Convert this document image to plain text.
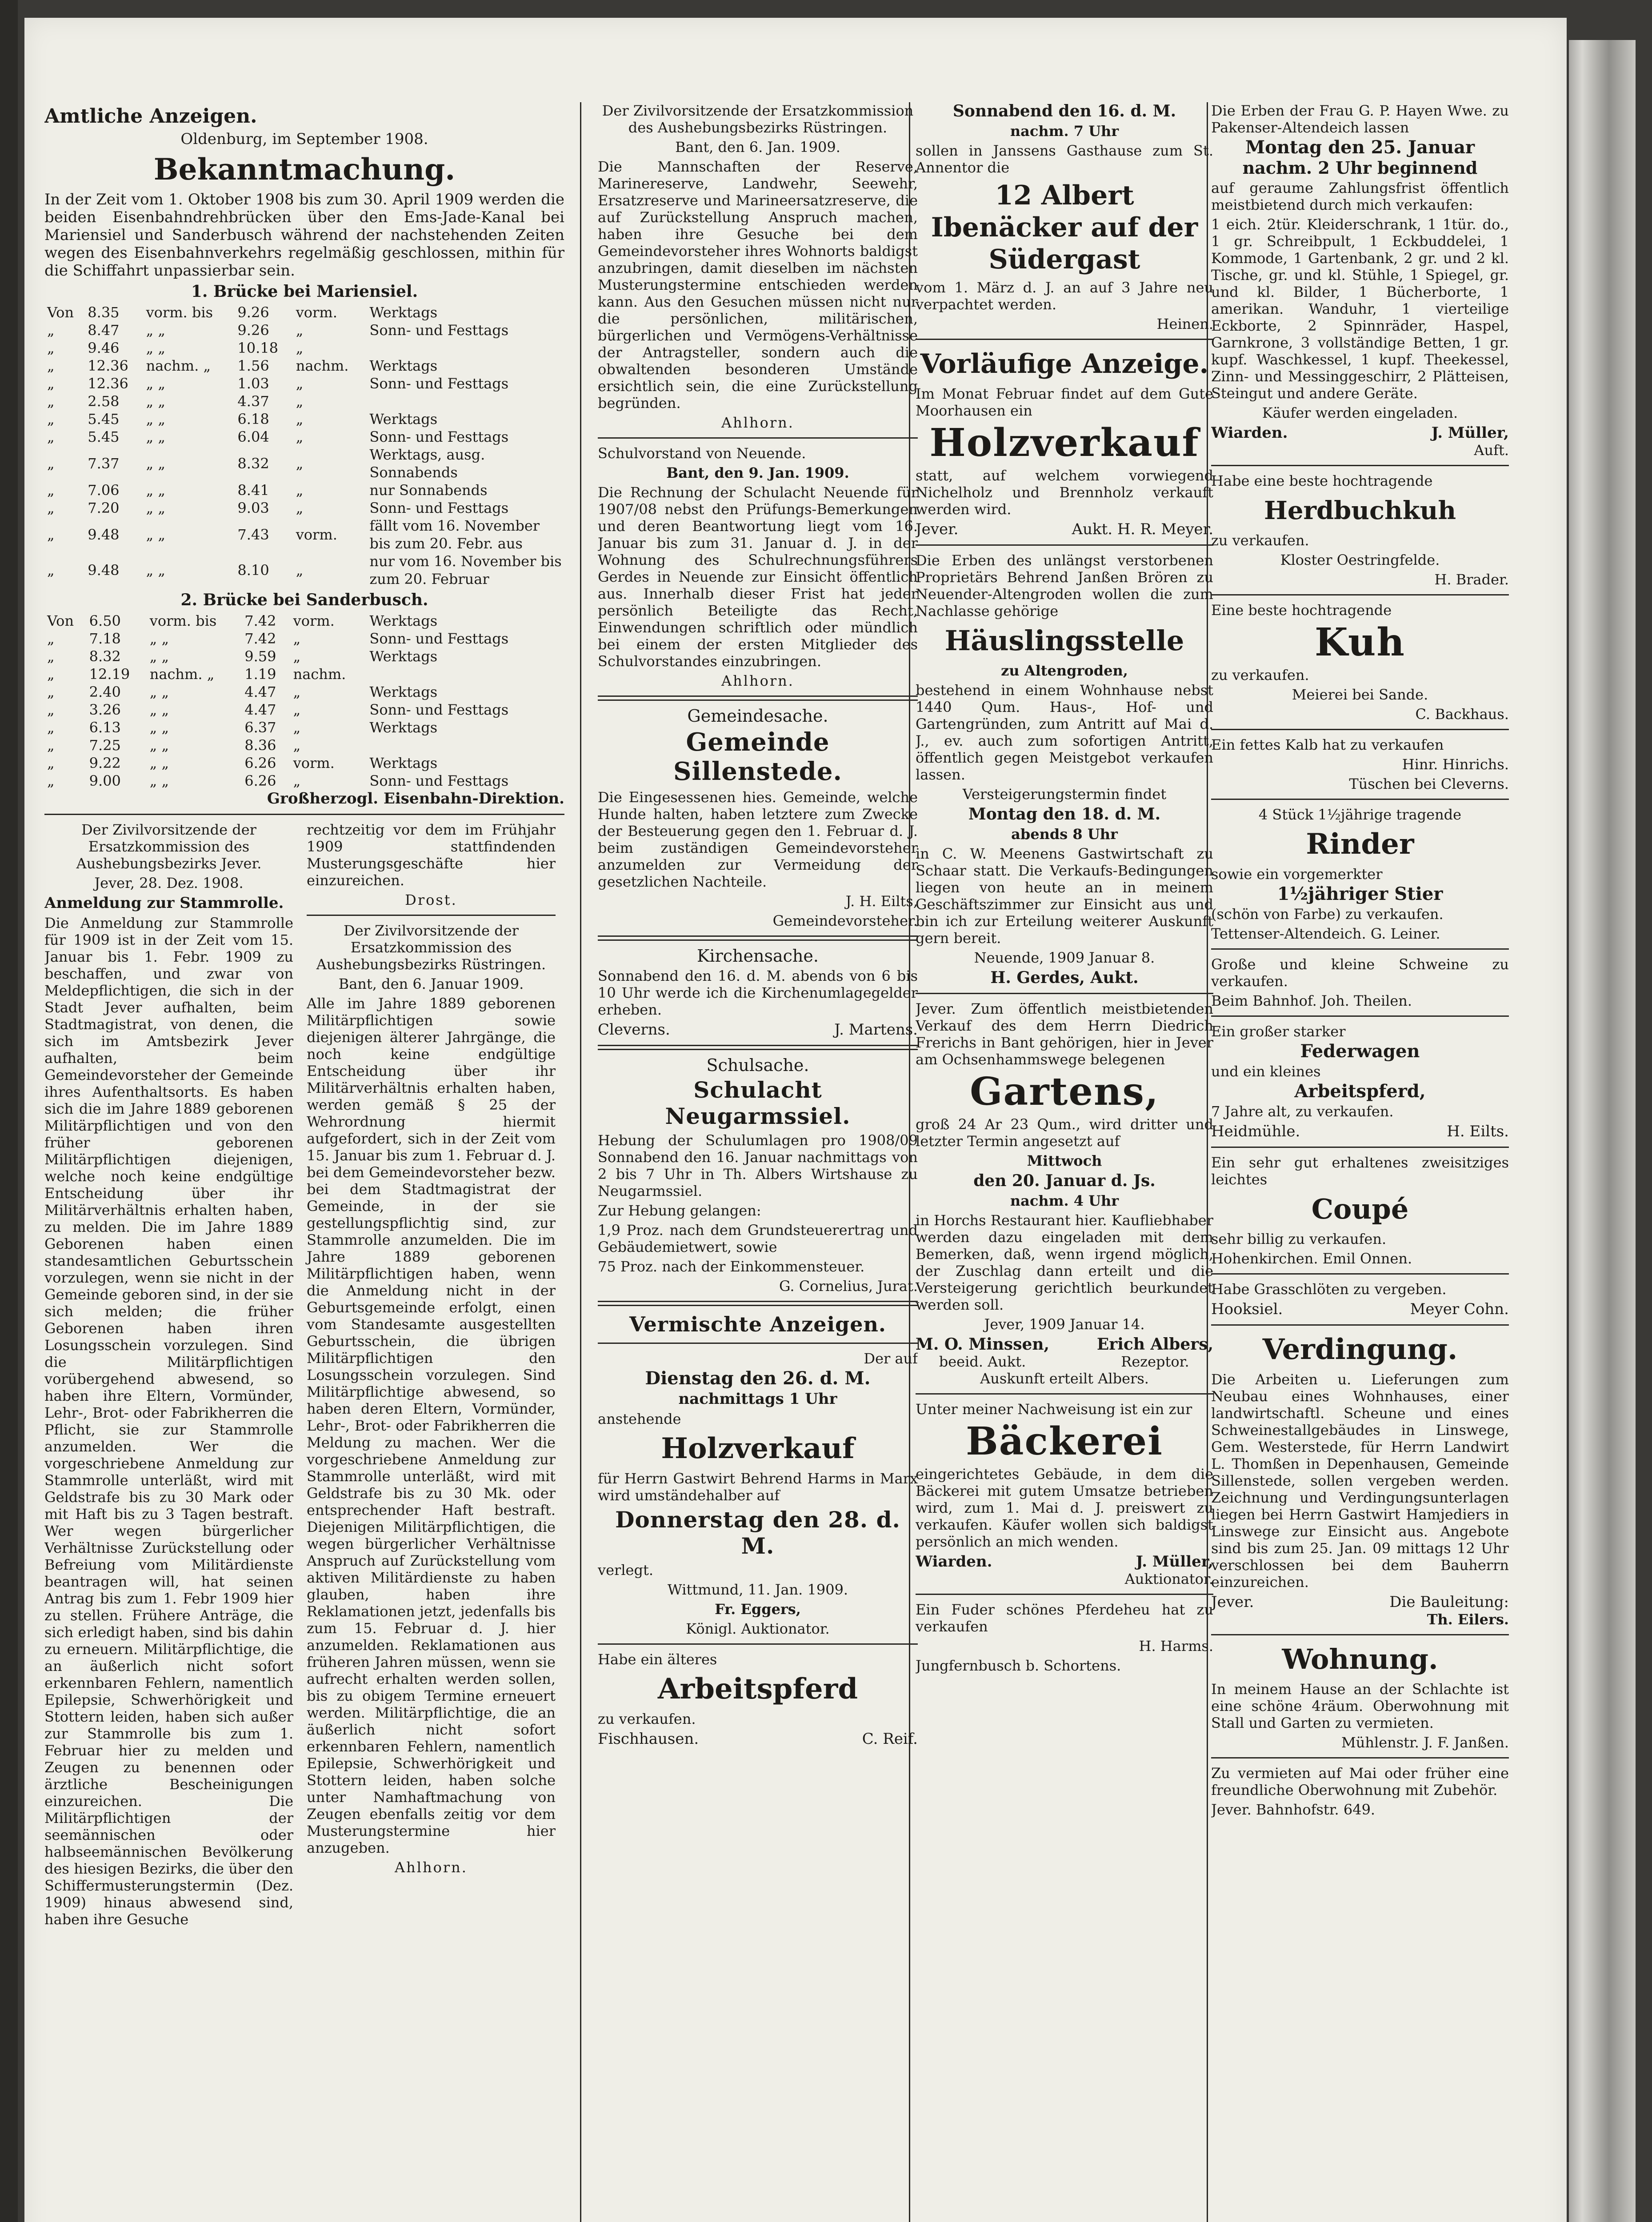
Amtliche Anzeigen.

Oldenburg, im September 1908.

Bekanntmachung.

In der Zeit vom 1. Oktober 1908 bis zum 30. April 1909 werden die beiden Eisenbahndrehbrücken über den Ems-Jade-Kanal bei Mariensiel und Sanderbusch während der nachstehenden Zeiten wegen des Eisenbahnverkehrs regelmäßig geschlossen, mithin für die Schiffahrt unpassierbar sein.

1. Brücke bei Mariensiel.
Von	8.35	vorm. bis	9.26	vorm.	Werktags
„	8.47	„ „	9.26	„	Sonn- und Festtags
„	9.46	„ „	10.18	„	
„	12.36	nachm. „	1.56	nachm.	Werktags
„	12.36	„ „	1.03	„	Sonn- und Festtags
„	2.58	„ „	4.37	„	
„	5.45	„ „	6.18	„	Werktags
„	5.45	„ „	6.04	„	Sonn- und Festtags
„	7.37	„ „	8.32	„	Werktags, ausg. Sonnabends
„	7.06	„ „	8.41	„	nur Sonnabends
„	7.20	„ „	9.03	„	Sonn- und Festtags
„	9.48	„ „	7.43	vorm.	fällt vom 16. November bis zum 20. Febr. aus
„	9.48	„ „	8.10	„	nur vom 16. November bis zum 20. Februar
2. Brücke bei Sanderbusch.
Von	6.50	vorm. bis	7.42	vorm.	Werktags
„	7.18	„ „	7.42	„	Sonn- und Festtags
„	8.32	„ „	9.59	„	Werktags
„	12.19	nachm. „	1.19	nachm.	
„	2.40	„ „	4.47	„	Werktags
„	3.26	„ „	4.47	„	Sonn- und Festtags
„	6.13	„ „	6.37	„	Werktags
„	7.25	„ „	8.36	„	
„	9.22	„ „	6.26	vorm.	Werktags
„	9.00	„ „	6.26	„	Sonn- und Festtags

Großherzogl. Eisenbahn-Direktion.

Der Zivilvorsitzende der Ersatzkommission des Aushebungsbezirks Jever.

Jever, 28. Dez. 1908.

Anmeldung zur Stammrolle.

Die Anmeldung zur Stammrolle für 1909 ist in der Zeit vom 15. Januar bis 1. Febr. 1909 zu beschaffen, und zwar von Meldepflichtigen, die sich in der Stadt Jever aufhalten, beim Stadtmagistrat, von denen, die sich im Amtsbezirk Jever aufhalten, beim Gemeindevorsteher der Gemeinde ihres Aufenthaltsorts. Es haben sich die im Jahre 1889 geborenen Militärpflichtigen und von den früher geborenen Militärpflichtigen diejenigen, welche noch keine endgültige Entscheidung über ihr Militärverhältnis erhalten haben, zu melden. Die im Jahre 1889 Geborenen haben einen standesamtlichen Geburtsschein vorzulegen, wenn sie nicht in der Gemeinde geboren sind, in der sie sich melden; die früher Geborenen haben ihren Losungsschein vorzulegen. Sind die Militärpflichtigen vorübergehend abwesend, so haben ihre Eltern, Vormünder, Lehr-, Brot- oder Fabrikherren die Pflicht, sie zur Stammrolle anzumelden. Wer die vorgeschriebene Anmeldung zur Stammrolle unterläßt, wird mit Geldstrafe bis zu 30 Mark oder mit Haft bis zu 3 Tagen bestraft. Wer wegen bürgerlicher Verhältnisse Zurückstellung oder Befreiung vom Militärdienste beantragen will, hat seinen Antrag bis zum 1. Febr 1909 hier zu stellen. Frühere Anträge, die sich erledigt haben, sind bis dahin zu erneuern. Militärpflichtige, die an äußerlich nicht sofort erkennbaren Fehlern, namentlich Epilepsie, Schwerhörigkeit und Stottern leiden, haben sich außer zur Stammrolle bis zum 1. Februar hier zu melden und Zeugen zu benennen oder ärztliche Bescheinigungen einzureichen. Die Militärpflichtigen der seemännischen oder halbseemännischen Bevölkerung des hiesigen Bezirks, die über den Schiffermusterungstermin (Dez. 1909) hinaus abwesend sind, haben ihre Gesuche

rechtzeitig vor dem im Frühjahr 1909 stattfindenden Musterungsgeschäfte hier einzureichen.

Drost.

Der Zivilvorsitzende der Ersatzkommission des Aushebungsbezirks Rüstringen.

Bant, den 6. Januar 1909.

Alle im Jahre 1889 geborenen Militärpflichtigen sowie diejenigen älterer Jahrgänge, die noch keine endgültige Entscheidung über ihr Militärverhältnis erhalten haben, werden gemäß § 25 der Wehrordnung hiermit aufgefordert, sich in der Zeit vom 15. Januar bis zum 1. Februar d. J. bei dem Gemeindevorsteher bezw. bei dem Stadtmagistrat der Gemeinde, in der sie gestellungspflichtig sind, zur Stammrolle anzumelden. Die im Jahre 1889 geborenen Militärpflichtigen haben, wenn die Anmeldung nicht in der Geburtsgemeinde erfolgt, einen vom Standesamte ausgestellten Geburtsschein, die übrigen Militärpflichtigen den Losungsschein vorzulegen. Sind Militärpflichtige abwesend, so haben deren Eltern, Vormünder, Lehr-, Brot- oder Fabrikherren die Meldung zu machen. Wer die vorgeschriebene Anmeldung zur Stammrolle unterläßt, wird mit Geldstrafe bis zu 30 Mk. oder entsprechender Haft bestraft. Diejenigen Militärpflichtigen, die wegen bürgerlicher Verhältnisse Anspruch auf Zurückstellung vom aktiven Militärdienste zu haben glauben, haben ihre Reklamationen jetzt, jedenfalls bis zum 15. Februar d. J. hier anzumelden. Reklamationen aus früheren Jahren müssen, wenn sie aufrecht erhalten werden sollen, bis zu obigem Termine erneuert werden. Militärpflichtige, die an äußerlich nicht sofort erkennbaren Fehlern, namentlich Epilepsie, Schwerhörigkeit und Stottern leiden, haben solche unter Namhaftmachung von Zeugen ebenfalls zeitig vor dem Musterungstermine hier anzugeben.

Ahlhorn.

Der Zivilvorsitzende der Ersatzkommission des Aushebungsbezirks Rüstringen.

Bant, den 6. Jan. 1909.

Die Mannschaften der Reserve, Marinereserve, Landwehr, Seewehr, Ersatzreserve und Marineersatzreserve, die auf Zurückstellung Anspruch machen, haben ihre Gesuche bei dem Gemeindevorsteher ihres Wohnorts baldigst anzubringen, damit dieselben im nächsten Musterungstermine entschieden werden kann. Aus den Gesuchen müssen nicht nur die persönlichen, militärischen, bürgerlichen und Vermögens-Verhältnisse der Antragsteller, sondern auch die obwaltenden besonderen Umstände ersichtlich sein, die eine Zurückstellung begründen.

Ahlhorn.

Schulvorstand von Neuende.

Bant, den 9. Jan. 1909.

Die Rechnung der Schulacht Neuende für 1907/08 nebst den Prüfungs-Bemerkungen und deren Beantwortung liegt vom 16. Januar bis zum 31. Januar d. J. in der Wohnung des Schulrechnungsführers Gerdes in Neuende zur Einsicht öffentlich aus. Innerhalb dieser Frist hat jeder persönlich Beteiligte das Recht, Einwendungen schriftlich oder mündlich bei einem der ersten Mitglieder des Schulvorstandes einzubringen.

Ahlhorn.

Gemeindesache.

Gemeinde Sillenstede.

Die Eingesessenen hies. Gemeinde, welche Hunde halten, haben letztere zum Zwecke der Besteuerung gegen den 1. Februar d. J. beim zuständigen Gemeindevorsteher anzumelden zur Vermeidung der gesetzlichen Nachteile.

J. H. Eilts,

Gemeindevorsteher.

Kirchensache.

Sonnabend den 16. d. M. abends von 6 bis 10 Uhr werde ich die Kirchenumlagegelder erheben.

Cleverns.	J. Martens.

Schulsache.

Schulacht Neugarmssiel.

Hebung der Schulumlagen pro 1908/09 Sonnabend den 16. Januar nachmittags von 2 bis 7 Uhr in Th. Albers Wirtshause zu Neugarmssiel.

Zur Hebung gelangen:

1,9 Proz. nach dem Grundsteuerertrag und Gebäudemietwert, sowie

75 Proz. nach der Einkommensteuer.

G. Cornelius, Jurat.

Vermischte Anzeigen.

Der auf

Dienstag den 26. d. M.

nachmittags 1 Uhr

anstehende

Holzverkauf

für Herrn Gastwirt Behrend Harms in Marx wird umständehalber auf

Donnerstag den 28. d. M.

verlegt.

Wittmund, 11. Jan. 1909.

Fr. Eggers,

Königl. Auktionator.

Habe ein älteres

Arbeitspferd

zu verkaufen.

Fischhausen.	C. Reif.

Sonnabend den 16. d. M.

nachm. 7 Uhr

sollen in Janssens Gasthause zum St. Annentor die

12 Albert Ibenäcker auf der Südergast

vom 1. März d. J. an auf 3 Jahre neu verpachtet werden.

Heinen.

Vorläufige Anzeige.

Im Monat Februar findet auf dem Gute Moorhausen ein

Holzverkauf

statt, auf welchem vorwiegend Nichelholz und Brennholz verkauft werden wird.

Jever.	Aukt. H. R. Meyer.

Die Erben des unlängst verstorbenen Proprietärs Behrend Janßen Brören zu Neuender-Altengroden wollen die zum Nachlasse gehörige

Häuslingsstelle

zu Altengroden,

bestehend in einem Wohnhause nebst 1440 Qum. Haus-, Hof- und Gartengründen, zum Antritt auf Mai d. J., ev. auch zum sofortigen Antritt, öffentlich gegen Meistgebot verkaufen lassen.

Versteigerungstermin findet

Montag den 18. d. M.

abends 8 Uhr

in C. W. Meenens Gastwirtschaft zu Schaar statt. Die Verkaufs-Bedingungen liegen von heute an in meinem Geschäftszimmer zur Einsicht aus und bin ich zur Erteilung weiterer Auskunft gern bereit.

Neuende, 1909 Januar 8.

H. Gerdes, Aukt.

Jever. Zum öffentlich meistbietenden Verkauf des dem Herrn Diedrich Frerichs in Bant gehörigen, hier in Jever am Ochsenhammswege belegenen

Gartens,

groß 24 Ar 23 Qum., wird dritter und letzter Termin angesetzt auf

Mittwoch

den 20. Januar d. Js.

nachm. 4 Uhr

in Horchs Restaurant hier. Kaufliebhaber werden dazu eingeladen mit dem Bemerken, daß, wenn irgend möglich, der Zuschlag dann erteilt und die Versteigerung gerichtlich beurkundet werden soll.

Jever, 1909 Januar 14.

M. O. Minssen,
beeid. Aukt.
Erich Albers,
Rezeptor.

Auskunft erteilt Albers.

Unter meiner Nachweisung ist ein zur

Bäckerei

eingerichtetes Gebäude, in dem die Bäckerei mit gutem Umsatze betrieben wird, zum 1. Mai d. J. preiswert zu verkaufen. Käufer wollen sich baldigst persönlich an mich wenden.

Wiarden.	J. Müller,

Auktionator.

Ein Fuder schönes Pferdeheu hat zu verkaufen

H. Harms.

Jungfernbusch b. Schortens.

Die Erben der Frau G. P. Hayen Wwe. zu Pakenser-Altendeich lassen

Montag den 25. Januar

nachm. 2 Uhr beginnend

auf geraume Zahlungsfrist öffentlich meistbietend durch mich verkaufen:

1 eich. 2tür. Kleiderschrank, 1 1tür. do., 1 gr. Schreibpult, 1 Eckbuddelei, 1 Kommode, 1 Gartenbank, 2 gr. und 2 kl. Tische, gr. und kl. Stühle, 1 Spiegel, gr. und kl. Bilder, 1 Bücherborte, 1 amerikan. Wanduhr, 1 vierteilige Eckborte, 2 Spinnräder, Haspel, Garnkrone, 3 vollständige Betten, 1 gr. kupf. Waschkessel, 1 kupf. Theekessel, Zinn- und Messinggeschirr, 2 Plätteisen, Steingut und andere Geräte.

Käufer werden eingeladen.

Wiarden.	J. Müller,

Auft.

Habe eine beste hochtragende

Herdbuchkuh

zu verkaufen.

Kloster Oestringfelde.

H. Brader.

Eine beste hochtragende

Kuh

zu verkaufen.

Meierei bei Sande.

C. Backhaus.

Ein fettes Kalb hat zu verkaufen

Hinr. Hinrichs.

Tüschen bei Cleverns.

4 Stück 1½jährige tragende

Rinder

sowie ein vorgemerkter

1½jähriger Stier

(schön von Farbe) zu verkaufen.

Tettenser-Altendeich. G. Leiner.

Große und kleine Schweine zu verkaufen.

Beim Bahnhof. Joh. Theilen.

Ein großer starker

Federwagen

und ein kleines

Arbeitspferd,

7 Jahre alt, zu verkaufen.

Heidmühle.	H. Eilts.

Ein sehr gut erhaltenes zweisitziges leichtes

Coupé

sehr billig zu verkaufen.

Hohenkirchen. Emil Onnen.

Habe Grasschlöten zu vergeben.

Hooksiel.	Meyer Cohn.
Verdingung.

Die Arbeiten u. Lieferungen zum Neubau eines Wohnhauses, einer landwirtschaftl. Scheune und eines Schweinestallgebäudes in Linswege, Gem. Westerstede, für Herrn Landwirt L. Thomßen in Depenhausen, Gemeinde Sillenstede, sollen vergeben werden. Zeichnung und Verdingungsunterlagen liegen bei Herrn Gastwirt Hamjediers in Linswege zur Einsicht aus. Angebote sind bis zum 25. Jan. 09 mittags 12 Uhr verschlossen bei dem Bauherrn einzureichen.

Jever.	Die Bauleitung:

Th. Eilers.

Wohnung.

In meinem Hause an der Schlachte ist eine schöne 4räum. Oberwohnung mit Stall und Garten zu vermieten.

Mühlenstr. J. F. Janßen.

Zu vermieten auf Mai oder früher eine freundliche Oberwohnung mit Zubehör.

Jever. Bahnhofstr. 649.
